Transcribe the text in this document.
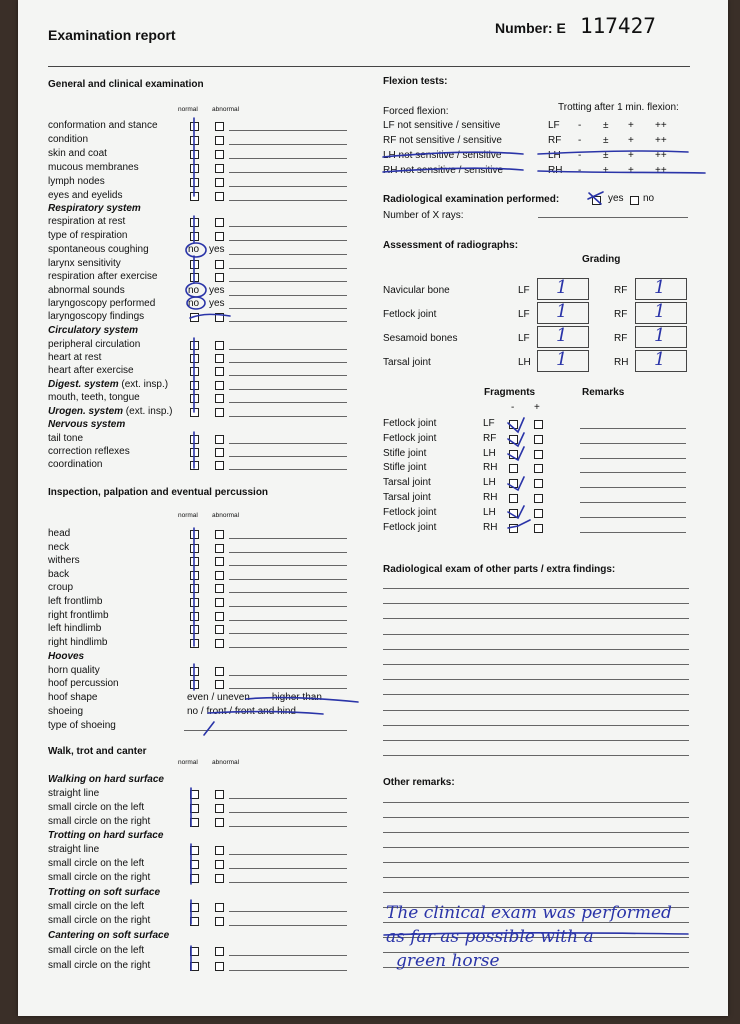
Examination report	Number: E 117427
General and clinical examination
normal abnormal
conformation and stance
condition
skin and coat
mucous membranes
lymph nodes
eyes and eyelids
Respiratory system
respiration at rest
type of respiration
spontaneous coughing	no yes
larynx sensitivity
respiration after exercise
abnormal sounds	no yes
laryngoscopy performed	no yes
laryngoscopy findings
Circulatory system
peripheral circulation
heart at rest
heart after exercise
Digest. system (ext. insp.)
mouth, teeth, tongue
Urogen. system (ext. insp.)
Nervous system
tail tone
correction reflexes
coordination
Inspection, palpation and eventual percussion
normal abnormal
head
neck
withers
back
croup
left frontlimb
right frontlimb
left hindlimb
right hindlimb
Hooves
horn quality
hoof percussion
hoof shape	even / uneven higher than
shoeing	no / front / front and hind
type of shoeing
Walk, trot and canter
normal abnormal
Walking on hard surface
straight line
small circle on the left
small circle on the right
Trotting on hard surface
straight line
small circle on the left
small circle on the right
Trotting on soft surface
small circle on the left
small circle on the right
Cantering on soft surface
small circle on the left
small circle on the right
Flexion tests:
Forced flexion:	Trotting after 1 min. flexion:
LF not sensitive / sensitive	LF - ± + ++
RF not sensitive / sensitive	RF - ± + ++
LH not sensitive / sensitive	LH - ± + ++
RH not sensitive / sensitive	RH - ± + ++
Radiological examination performed:	yes no
Number of X rays:
Assessment of radiographs:
Grading
Navicular bone	LF 1	RF 1
Fetlock joint	LF 1	RF 1
Sesamoid bones	LF 1	RF 1
Tarsal joint	LH 1	RH 1
Fragments	Remarks
- +
Fetlock joint	LF
Fetlock joint	RF
Stifle joint	LH
Stifle joint	RH
Tarsal joint	LH
Tarsal joint	RH
Fetlock joint	LH
Fetlock joint	RH
Radiological exam of other parts / extra findings:
Other remarks:
The clinical exam was performed
as far as possible with a
green horse
